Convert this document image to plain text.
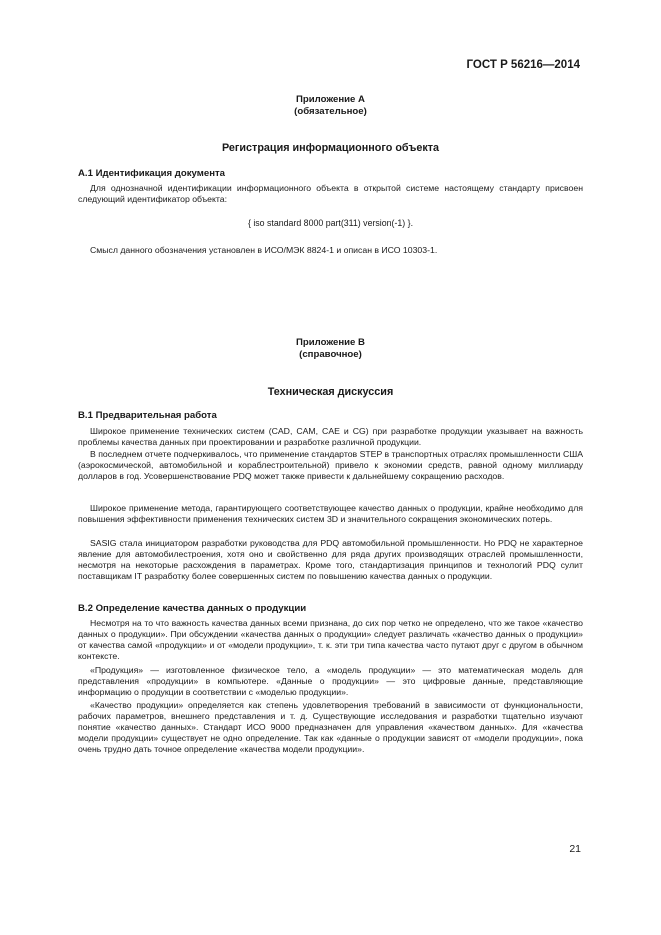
ГОСТ Р 56216—2014
Приложение А
(обязательное)
Регистрация информационного объекта
А.1 Идентификация документа

Для однозначной идентификации информационного объекта в открытой системе настоящему стандарту присвоен следующий идентификатор объекта:

{ iso standard 8000 part(311) version(-1) }.

Смысл данного обозначения установлен в ИСО/МЭК 8824-1 и описан в ИСО 10303-1.

Приложение В
(справочное)
Техническая дискуссия
В.1 Предварительная работа

Широкое применение технических систем (CAD, CAM, CAE и CG) при разработке продукции указывает на важность проблемы качества данных при проектировании и разработке различной продукции.

В последнем отчете подчеркивалось, что применение стандартов STEP в транспортных отраслях промышленности США (аэрокосмической, автомобильной и кораблестроительной) привело к экономии средств, равной одному миллиарду долларов в год. Усовершенствование PDQ может также привести к дальнейшему сокращению расходов.

Широкое применение метода, гарантирующего соответствующее качество данных о продукции, крайне необходимо для повышения эффективности применения технических систем 3D и значительного сокращения экономических потерь.

SASIG стала инициатором разработки руководства для PDQ автомобильной промышленности. Но PDQ не характерное явление для автомобилестроения, хотя оно и свойственно для ряда других производящих отраслей промышленности, несмотря на некоторые расхождения в параметрах. Кроме того, стандартизация принципов и технологий PDQ сулит поставщикам IT разработку более совершенных систем по повышению качества данных о продукции.

В.2 Определение качества данных о продукции

Несмотря на то что важность качества данных всеми признана, до сих пор четко не определено, что же такое «качество данных о продукции». При обсуждении «качества данных о продукции» следует различать «качество данных о продукции» от качества самой «продукции» и от «модели продукции», т. к. эти три типа качества часто путают друг с другом в обычном контексте.

«Продукция» — изготовленное физическое тело, а «модель продукции» — это математическая модель для представления «продукции» в компьютере. «Данные о продукции» — это цифровые данные, представляющие информацию о продукции в соответствии с «моделью продукции».

«Качество продукции» определяется как степень удовлетворения требований в зависимости от функциональности, рабочих параметров, внешнего представления и т. д. Существующие исследования и разработки тщательно изучают понятие «качество данных». Стандарт ИСО 9000 предназначен для управления «качеством данных». Для «качества модели продукции» существует не одно определение. Так как «данные о продукции зависят от «модели продукции», пока очень трудно дать точное определение «качества модели продукции».

21
